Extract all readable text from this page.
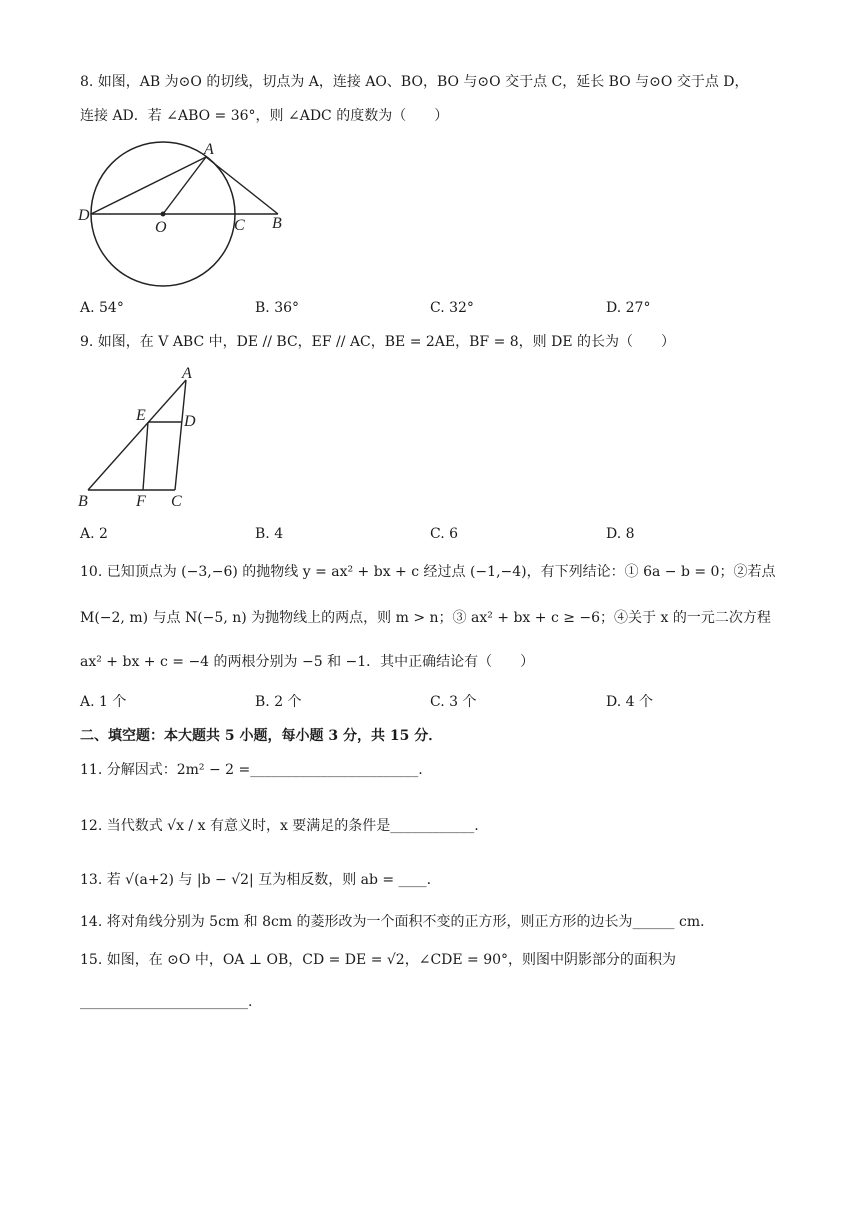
8. 如图，AB 为⊙O 的切线，切点为 A，连接 AO、BO，BO 与⊙O 交于点 C，延长 BO 与⊙O 交于点 D，
连接 AD．若 ∠ABO = 36°，则 ∠ADC 的度数为（　　）
A
D
O	C B
A. 54°	B. 36°	C. 32°	D. 27°
9. 如图，在 V ABC 中，DE // BC，EF // AC，BE = 2AE，BF = 8，则 DE 的长为（　　）
A
E D
B	F C
A. 2	B. 4	C. 6	D. 8
10. 已知顶点为 (−3,−6) 的抛物线 y = ax² + bx + c 经过点 (−1,−4)，有下列结论：① 6a − b = 0；②若点
M(−2, m) 与点 N(−5, n) 为抛物线上的两点，则 m > n；③ ax² + bx + c ≥ −6；④关于 x 的一元二次方程
ax² + bx + c = −4 的两根分别为 −5 和 −1．其中正确结论有（　　）
A. 1 个	B. 2 个	C. 3 个	D. 4 个
二、填空题：本大题共 5 小题，每小题 3 分，共 15 分．
11. 分解因式：2m² − 2 =________________________.
12. 当代数式 √x / x 有意义时，x 要满足的条件是____________.
13. 若 √(a+2) 与 |b − √2| 互为相反数，则 ab = ____.
14. 将对角线分别为 5cm 和 8cm 的菱形改为一个面积不变的正方形，则正方形的边长为______ cm．
15. 如图，在 ⊙O 中，OA ⊥ OB，CD = DE = √2，∠CDE = 90°，则图中阴影部分的面积为
________________________.
